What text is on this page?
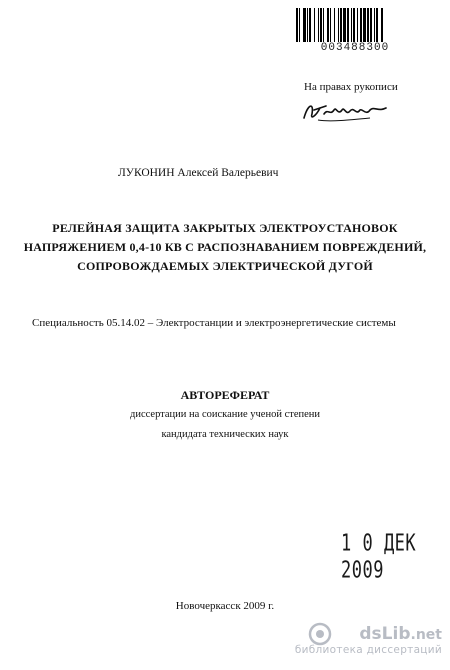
003488300
На правах рукописи
ЛУКОНИН Алексей Валерьевич
РЕЛЕЙНАЯ ЗАЩИТА ЗАКРЫТЫХ ЭЛЕКТРОУСТАНОВОК
НАПРЯЖЕНИЕМ 0,4-10 КВ С РАСПОЗНАВАНИЕМ ПОВРЕЖДЕНИЙ,
СОПРОВОЖДАЕМЫХ ЭЛЕКТРИЧЕСКОЙ ДУГОЙ
Специальность 05.14.02 – Электростанции и электроэнергетические системы
АВТОРЕФЕРАТ
диссертации на соискание ученой степени
кандидата технических наук
1 0 ДЕК 2009
Новочеркасск 2009 г.
dsLib.net
библиотека диссертаций
